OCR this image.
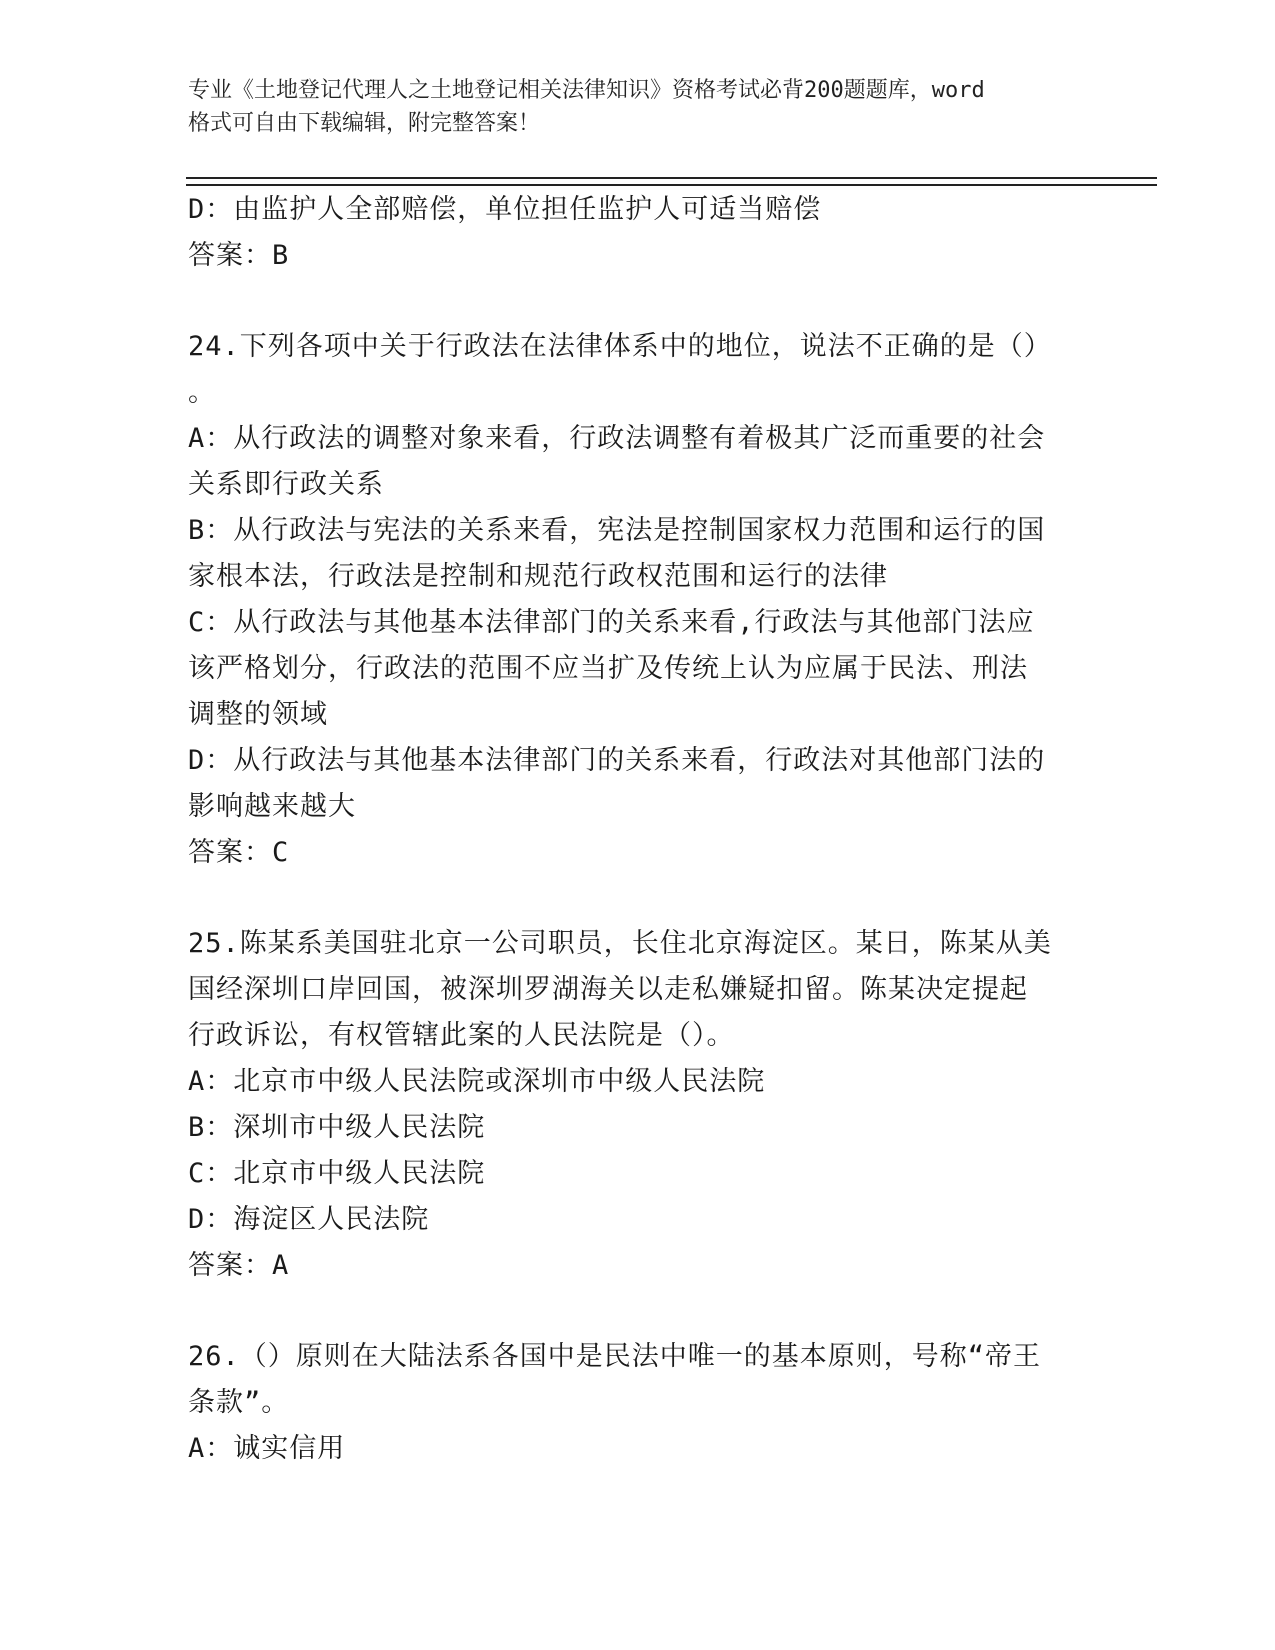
专业《土地登记代理人之土地登记相关法律知识》资格考试必背200题题库，word
格式可自由下载编辑，附完整答案！
D：由监护人全部赔偿，单位担任监护人可适当赔偿
答案：B
24.下列各项中关于行政法在法律体系中的地位，说法不正确的是（）
。
A：从行政法的调整对象来看，行政法调整有着极其广泛而重要的社会
关系即行政关系
B：从行政法与宪法的关系来看，宪法是控制国家权力范围和运行的国
家根本法，行政法是控制和规范行政权范围和运行的法律
C：从行政法与其他基本法律部门的关系来看,行政法与其他部门法应
该严格划分，行政法的范围不应当扩及传统上认为应属于民法、刑法
调整的领域
D：从行政法与其他基本法律部门的关系来看，行政法对其他部门法的
影响越来越大
答案：C
25.陈某系美国驻北京一公司职员，长住北京海淀区。某日，陈某从美
国经深圳口岸回国，被深圳罗湖海关以走私嫌疑扣留。陈某决定提起
行政诉讼，有权管辖此案的人民法院是（）。
A：北京市中级人民法院或深圳市中级人民法院
B：深圳市中级人民法院
C：北京市中级人民法院
D：海淀区人民法院
答案：A
26.（）原则在大陆法系各国中是民法中唯一的基本原则，号称“帝王
条款”。
A：诚实信用
